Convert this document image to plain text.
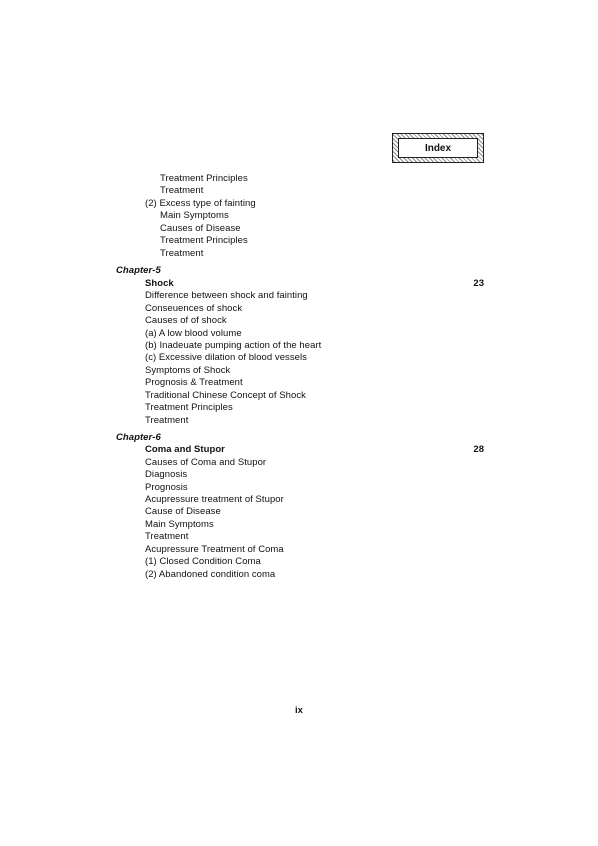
Index
Treatment Principles
Treatment
(2) Excess type of fainting
Main Symptoms
Causes of Disease
Treatment Principles
Treatment
Chapter-5
Shock	23
Difference between shock and fainting
Conseuences of shock
Causes of of shock
(a) A low blood volume
(b) Inadeuate pumping action of the heart
(c) Excessive dilation of blood vessels
Symptoms of Shock
Prognosis & Treatment
Traditional Chinese Concept of Shock
Treatment Principles
Treatment
Chapter-6
Coma and Stupor	28
Causes of Coma and Stupor
Diagnosis
Prognosis
Acupressure treatment of Stupor
Cause of Disease
Main Symptoms
Treatment
Acupressure Treatment of Coma
(1) Closed Condition Coma
(2) Abandoned condition coma
ix
